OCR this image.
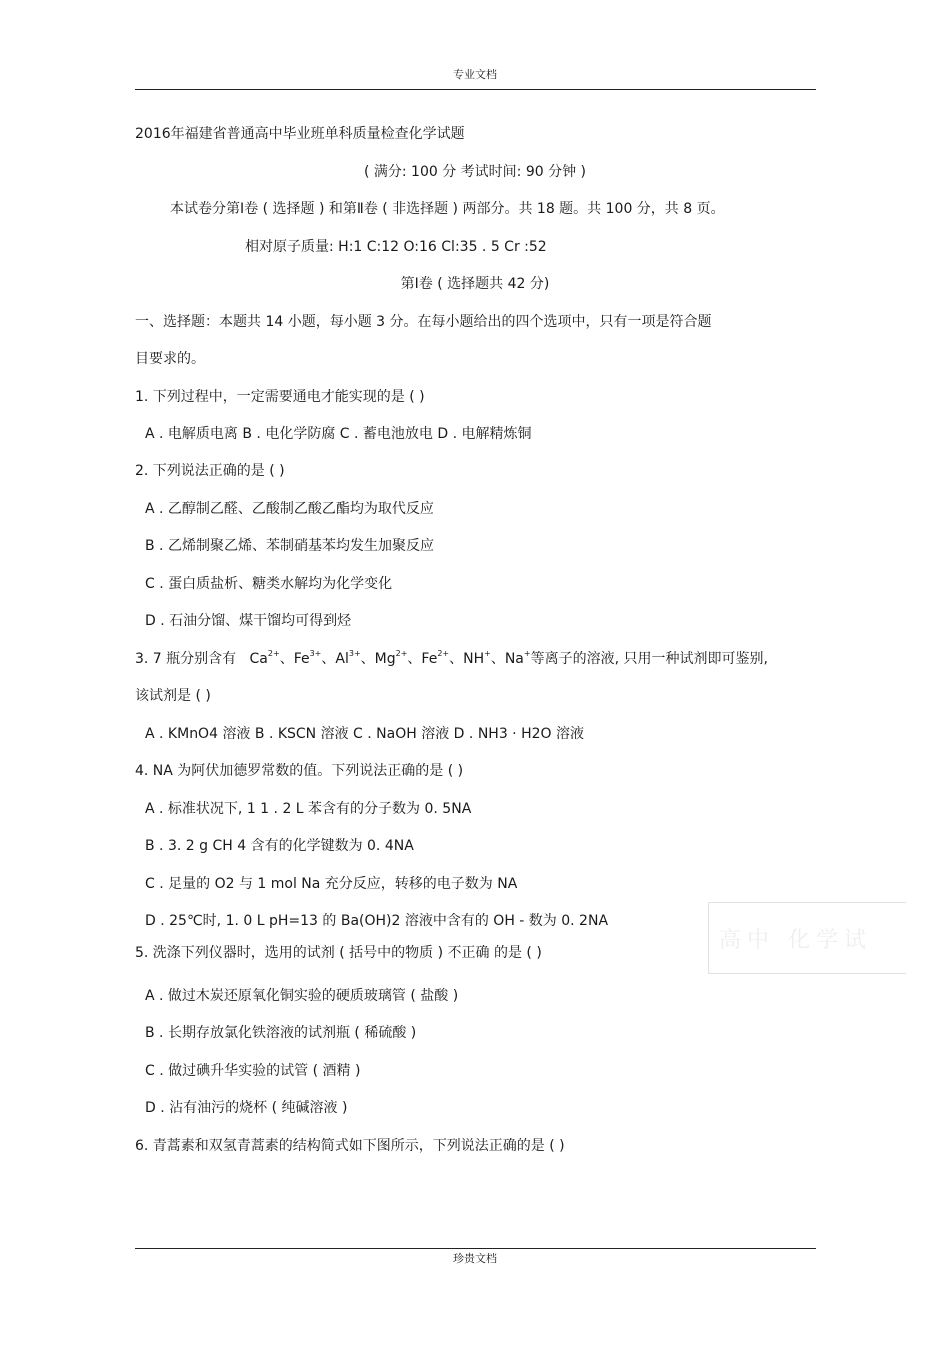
专业文档
珍贵文档
2016年福建省普通高中毕业班单科质量检查化学试题
( 满分: 100 分 考试时间: 90 分钟 )
本试卷分第Ⅰ卷 ( 选择题 ) 和第Ⅱ卷 ( 非选择题 ) 两部分。共 18 题。共 100 分，共 8 页。
相对原子质量: H:1 C:12 O:16 Cl:35 . 5 Cr :52
第Ⅰ卷 ( 选择题共 42 分)
一、选择题：本题共 14 小题，每小题 3 分。在每小题给出的四个选项中，只有一项是符合题
目要求的。
1. 下列过程中，一定需要通电才能实现的是 ( )
A . 电解质电离 B . 电化学防腐 C . 蓄电池放电 D . 电解精炼铜
2. 下列说法正确的是 ( )
A . 乙醇制乙醛、乙酸制乙酸乙酯均为取代反应
B . 乙烯制聚乙烯、苯制硝基苯均发生加聚反应
C . 蛋白质盐析、糖类水解均为化学变化
D . 石油分馏、煤干馏均可得到烃
3. 7 瓶分别含有 $Ca^{2+}$、$Fe^{3+}$、$Al^{3+}$、$Mg^{2+}$、$Fe^{2+}$、NH+、Na+等离子的溶液, 只用一种试剂即可鉴别,
该试剂是 ( )
A . KMnO4 溶液 B . KSCN 溶液 C . NaOH 溶液 D . NH3 · H2O 溶液
4. NA 为阿伏加德罗常数的值。下列说法正确的是 ( )
A . 标准状况下, 1 1 . 2 L 苯含有的分子数为 0. 5NA
B . 3. 2 g CH 4 含有的化学键数为 0. 4NA
C . 足量的 O2 与 1 mol Na 充分反应，转移的电子数为 NA
D . 25℃时, 1. 0 L pH=13 的 Ba(OH)2 溶液中含有的 OH - 数为 0. 2NA
高中 化学试
5. 洗涤下列仪器时，选用的试剂 ( 括号中的物质 ) 不正确 的是 ( )
A . 做过木炭还原氧化铜实验的硬质玻璃管 ( 盐酸 )
B . 长期存放氯化铁溶液的试剂瓶 ( 稀硫酸 )
C . 做过碘升华实验的试管 ( 酒精 )
D . 沾有油污的烧杯 ( 纯碱溶液 )
6. 青蒿素和双氢青蒿素的结构简式如下图所示，下列说法正确的是 ( )
